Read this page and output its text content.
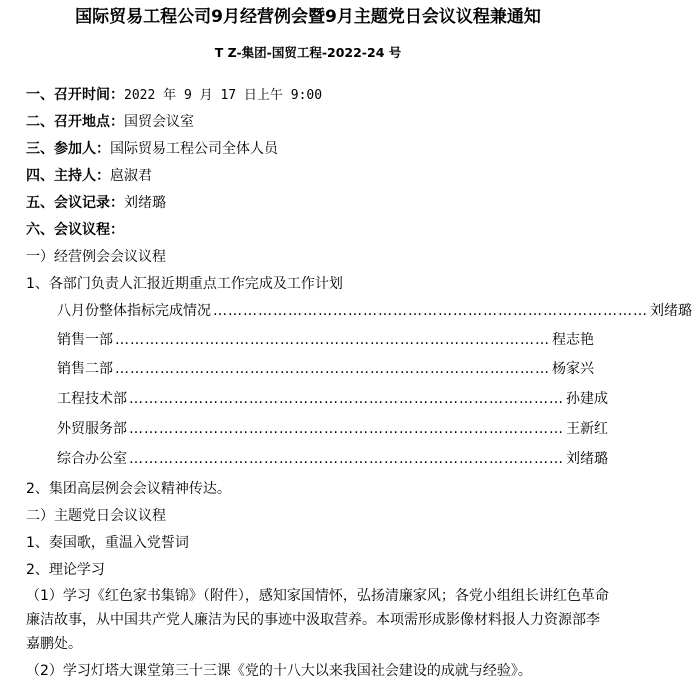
国际贸易工程公司9月经营例会暨9月主题党日会议议程兼通知
T Z-集团-国贸工程-2022-24 号
一、召开时间：2022 年 9 月 17 日上午 9:00
二、召开地点：国贸会议室
三、参加人：国际贸易工程公司全体人员
四、主持人：扈淑君
五、会议记录：刘绪璐
六、会议议程：
一）经营例会会议议程
1、各部门负责人汇报近期重点工作完成及工作计划
八月份整体指标完成情况 …………………………………………………………………………… 刘绪璐
销售一部 …………………………………………………………………………… 程志艳
销售二部 …………………………………………………………………………… 杨家兴
工程技术部 …………………………………………………………………………… 孙建成
外贸服务部 …………………………………………………………………………… 王新红
综合办公室 …………………………………………………………………………… 刘绪璐
2、集团高层例会会议精神传达。
二）主题党日会议议程
1、奏国歌，重温入党誓词
2、理论学习
（1）学习《红色家书集锦》（附件），感知家国情怀，弘扬清廉家风；各党小组组长讲红色革命廉洁故事，从中国共产党人廉洁为民的事迹中汲取营养。本项需形成影像材料报人力资源部李嘉鹏处。
（2）学习灯塔大课堂第三十三课《党的十八大以来我国社会建设的成就与经验》。
